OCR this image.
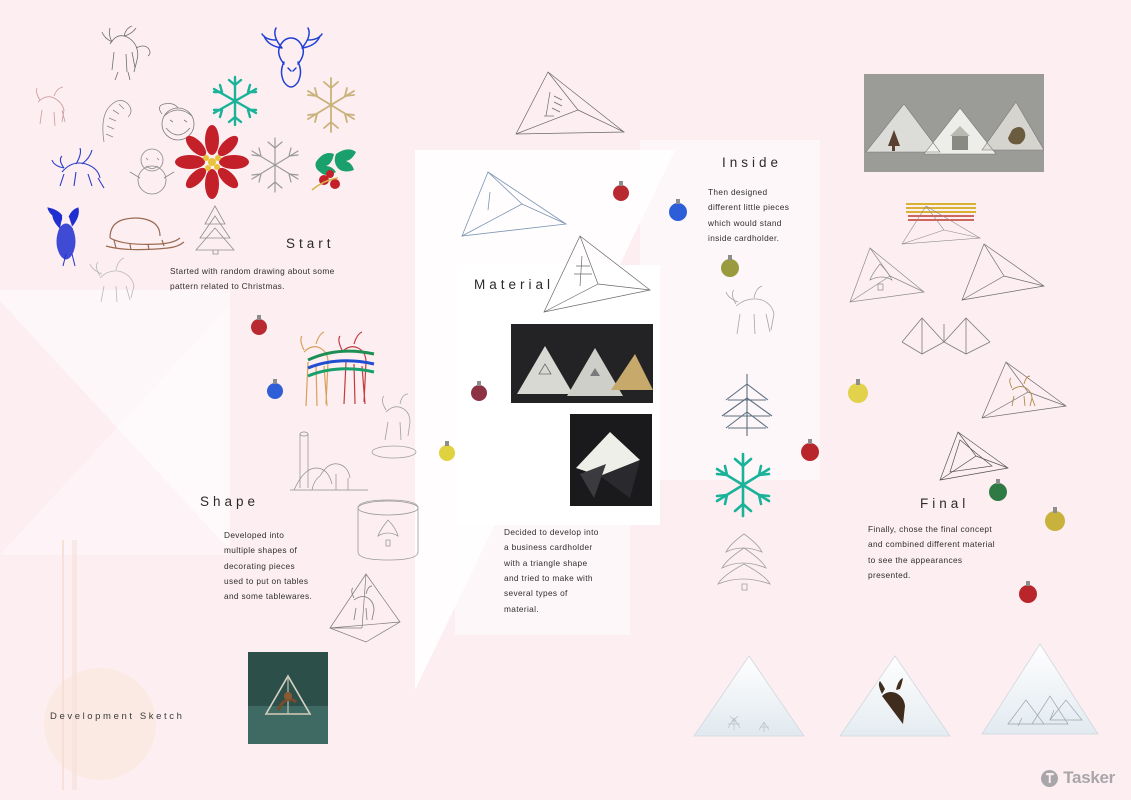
Start
Started with random drawing about some pattern related to Christmas.	Material
Decided to develop into a business cardholder with a triangle shape and tried to make with several types of material.
Inside
Then designed different little pieces which would stand inside cardholder.
Shape
Developed into multiple shapes of decorating pieces used to put on tables and some tablewares.
Final
Finally, chose the final concept and combined different material to see the appearances presented.
Development Sketch
Tasker
